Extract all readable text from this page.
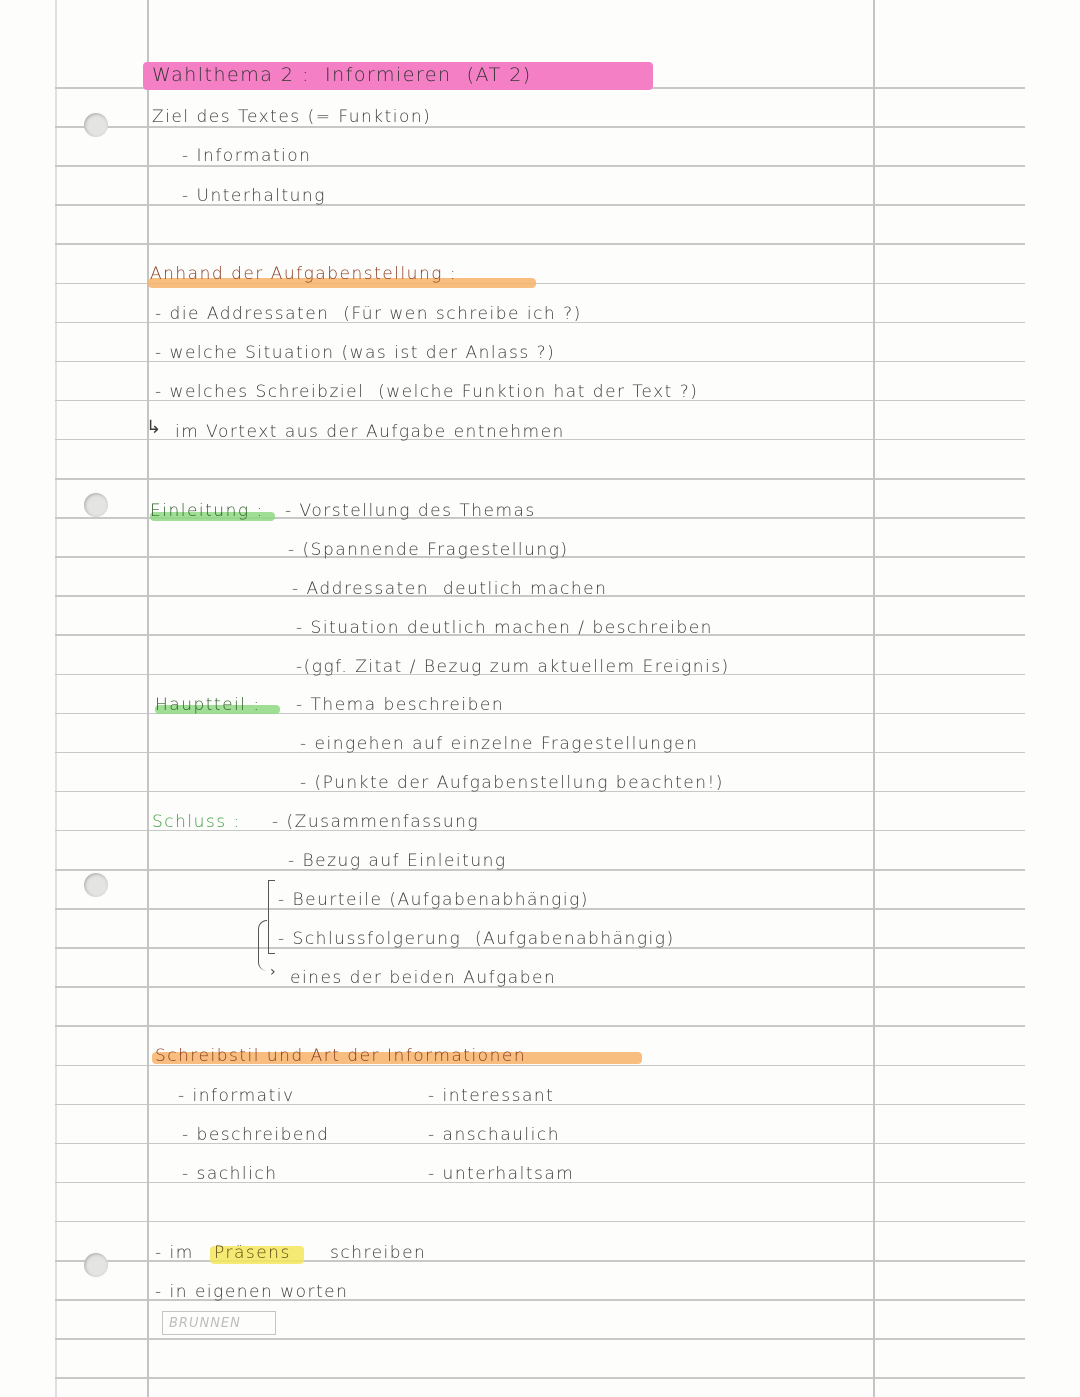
Wahlthema 2 :  Informieren  (AT 2)
Ziel des Textes (= Funktion)
- Information
- Unterhaltung
Anhand der Aufgabenstellung :
- die Addressaten  (Für wen schreibe ich ?)
- welche Situation (was ist der Anlass ?)
- welches Schreibziel  (welche Funktion hat der Text ?)
↳ im Vortext aus der Aufgabe entnehmen
Einleitung : - Vorstellung des Themas
- (Spannende Fragestellung)
- Addressaten  deutlich machen
- Situation deutlich machen / beschreiben
-(ggf. Zitat / Bezug zum aktuellem Ereignis)
Hauptteil : - Thema beschreiben
- eingehen auf einzelne Fragestellungen
- (Punkte der Aufgabenstellung beachten!)
Schluss : - (Zusammenfassung
- Bezug auf Einleitung
- Beurteile (Aufgabenabhängig)
- Schlussfolgerung  (Aufgabenabhängig)
› eines der beiden Aufgaben
Schreibstil und Art der Informationen
- informativ
- beschreibend
- sachlich
- interessant
- anschaulich
- unterhaltsam
- im Präsens schreiben
- in eigenen worten
BRUNNEN
